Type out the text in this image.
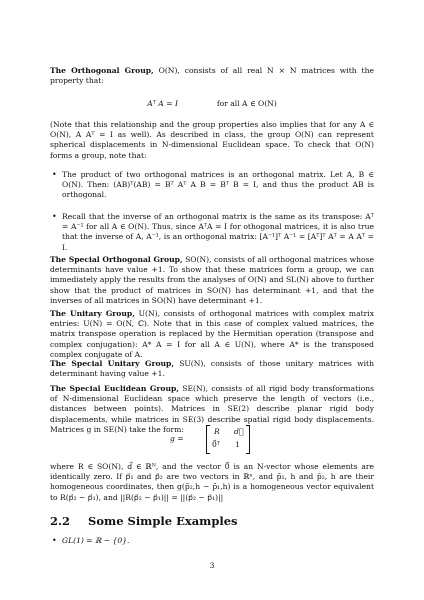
The Orthogonal Group, O(N), consists of all real N × N matrices with the property that:
Aᵀ A = I	for all A ∈ O(N)
(Note that this relationship and the group properties also implies that for any A ∈ O(N), A Aᵀ = I as well). As described in class, the group O(N) can represent spherical displacements in N-dimensional Euclidean space. To check that O(N) forms a group, note that:
• The product of two orthogonal matrices is an orthogonal matrix. Let A, B ∈ O(N). Then: (AB)ᵀ(AB) = Bᵀ Aᵀ A B = Bᵀ B = I, and thus the product AB is orthogonal.
• Recall that the inverse of an orthogonal matrix is the same as its transpose: Aᵀ = A⁻¹ for all A ∈ O(N). Thus, since AᵀA = I for othogonal matrices, it is also true that the inverse of A, A⁻¹, is an orthogonal matrix: [A⁻¹]ᵀ A⁻¹ = [Aᵀ]ᵀ Aᵀ = A Aᵀ = I.
The Special Orthogonal Group, SO(N), consists of all orthogonal matrices whose determinants have value +1. To show that these matrices form a group, we can immediately apply the results from the analyses of O(N) and SL(N) above to further show that the product of matrices in SO(N) has determinant +1, and that the inverses of all matrices in SO(N) have determinant +1.
The Unitary Group, U(N), consists of orthogonal matrices with complex matrix entries: U(N) = O(N, ℂ). Note that in this case of complex valued matrices, the matrix transpose operation is replaced by the Hermitian operation (transpose and complex conjugation): A* A = I for all A ∈ U(N), where A* is the transposed complex conjugate of A.
The Special Unitary Group, SU(N), consists of those unitary matrices with determinant having value +1.
The Special Euclidean Group, SE(N), consists of all rigid body transformations of N-dimensional Euclidean space which preserve the length of vectors (i.e., distances between points). Matrices in SE(2) describe planar rigid body displacements, while matrices in SE(3) describe spatial rigid body displacements. Matrices g in SE(N) take the form:
g =
R d⃗
0⃗ᵀ 1
where R ∈ SO(N), d⃗ ∈ ℝᴺ, and the vector 0⃗ is an N-vector whose elements are identically zero. If p⃗₁ and p⃗₂ are two vectors in ℝⁿ, and p̃₁, h and p̃₂, h are their homogeneous coordinates, then g(p̃₂,h − p̃₁,h) is a homogeneous vector equivalent to R(p⃗₂ − p⃗₁), and ||R(p⃗₂ − p⃗₁)|| = ||(p⃗₂ − p⃗₁)||
2.2 Some Simple Examples
• GL(1) = ℝ − {0}.
3
